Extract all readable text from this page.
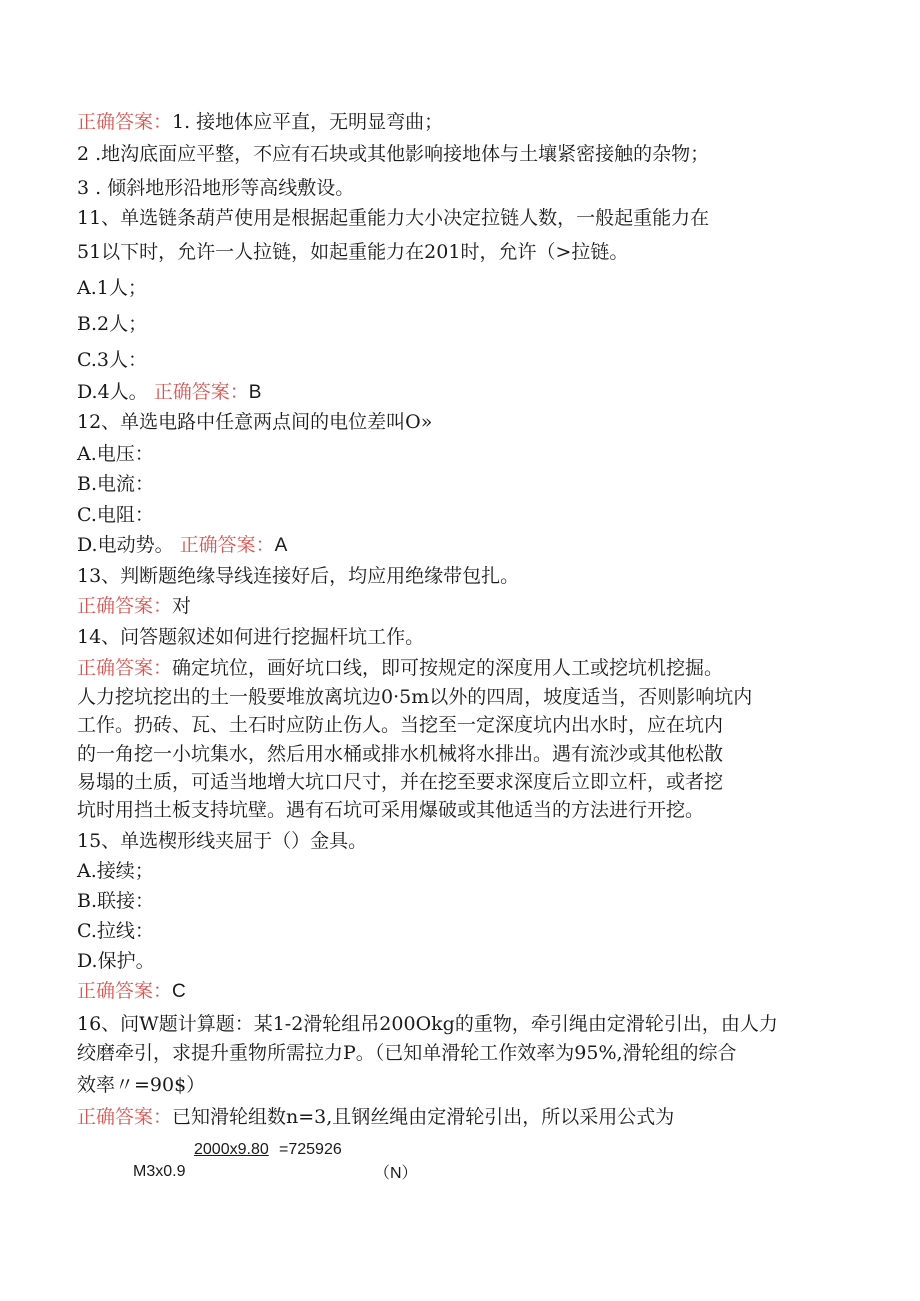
正确答案：1. 接地体应平直，无明显弯曲；
2 .地沟底面应平整，不应有石块或其他影响接地体与土壤紧密接触的杂物；
3 . 倾斜地形沿地形等高线敷设。
11、单选链条葫芦使用是根据起重能力大小决定拉链人数，一般起重能力在
51以下时，允许一人拉链，如起重能力在201时，允许（>拉链。
A.1人；
B.2人；
C.3人：
D.4人。 正确答案：B
12、单选电路中任意两点间的电位差叫O»
A.电压：
B.电流：
C.电阻：
D.电动势。 正确答案：A
13、判断题绝缘导线连接好后，均应用绝缘带包扎。
正确答案：对
14、问答题叙述如何进行挖掘杆坑工作。
正确答案：确定坑位，画好坑口线，即可按规定的深度用人工或挖坑机挖掘。
人力挖坑挖出的土一般要堆放离坑边0·5m以外的四周，坡度适当，否则影响坑内
工作。扔砖、瓦、土石时应防止伤人。当挖至一定深度坑内出水时，应在坑内
的一角挖一小坑集水，然后用水桶或排水机械将水排出。遇有流沙或其他松散
易塌的土质，可适当地增大坑口尺寸，并在挖至要求深度后立即立杆，或者挖
坑时用挡土板支持坑壁。遇有石坑可采用爆破或其他适当的方法进行开挖。
15、单选楔形线夹屈于（）金具。
A.接续；
B.联接：
C.拉线：
D.保护。
正确答案：C
16、问W题计算题：某1-2滑轮组吊200Okg的重物，牵引绳由定滑轮引出，由人力
绞磨牵引，求提升重物所需拉力P。（已知单滑轮工作效率为95%,滑轮组的综合
效率〃=90$）
正确答案：已知滑轮组数n=3,且钢丝绳由定滑轮引出，所以采用公式为
2000x9.80 =725926
M3x0.9	（N）
